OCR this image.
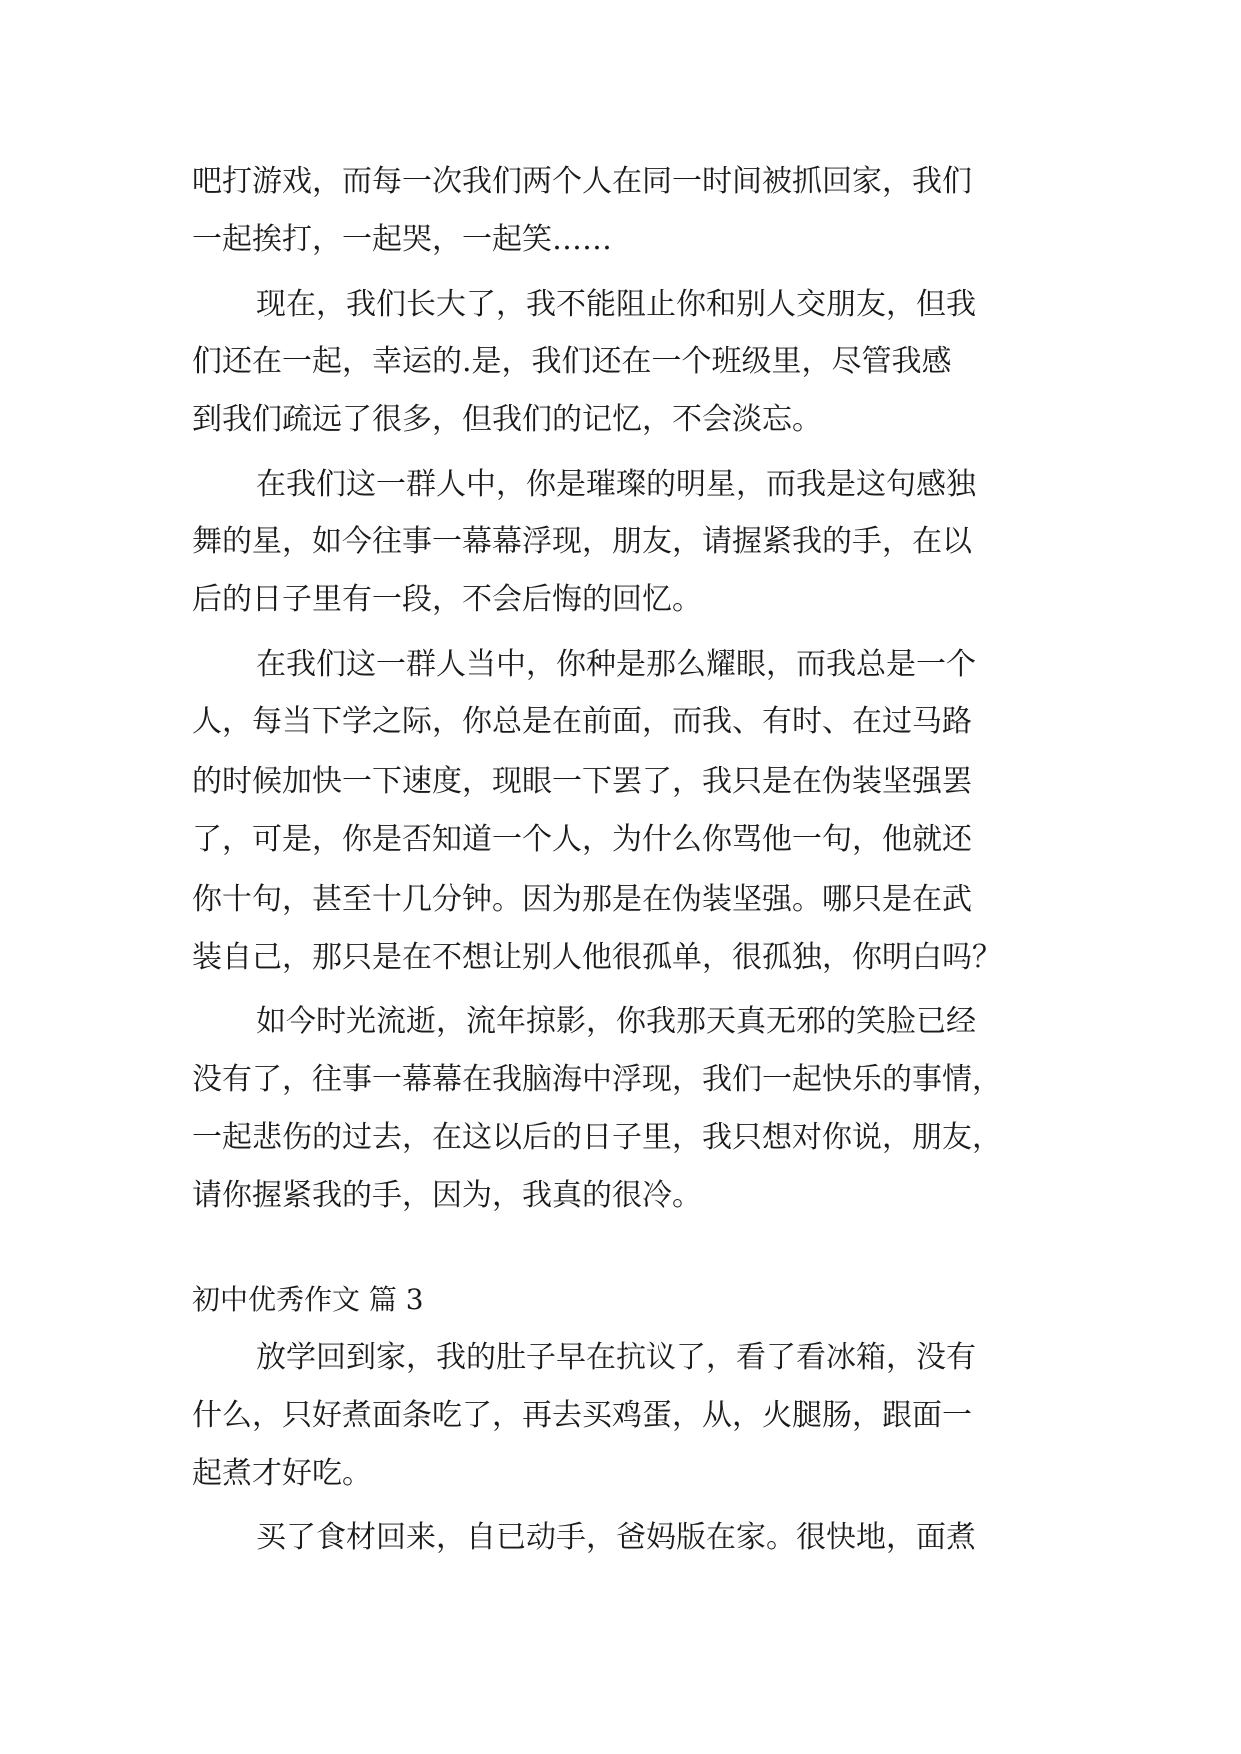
吧打游戏，而每一次我们两个人在同一时间被抓回家，我们
一起挨打，一起哭，一起笑……
现在，我们长大了，我不能阻止你和别人交朋友，但我
们还在一起，幸运的.是，我们还在一个班级里，尽管我感
到我们疏远了很多，但我们的记忆，不会淡忘。
在我们这一群人中，你是璀璨的明星，而我是这句感独
舞的星，如今往事一幕幕浮现，朋友，请握紧我的手，在以
后的日子里有一段，不会后悔的回忆。
在我们这一群人当中，你种是那么耀眼，而我总是一个
人，每当下学之际，你总是在前面，而我、有时、在过马路
的时候加快一下速度，现眼一下罢了，我只是在伪装坚强罢
了，可是，你是否知道一个人，为什么你骂他一句，他就还
你十句，甚至十几分钟。因为那是在伪装坚强。哪只是在武
装自己，那只是在不想让别人他很孤单，很孤独，你明白吗？
如今时光流逝，流年掠影，你我那天真无邪的笑脸已经
没有了，往事一幕幕在我脑海中浮现，我们一起快乐的事情，
一起悲伤的过去，在这以后的日子里，我只想对你说，朋友，
请你握紧我的手，因为，我真的很冷。
初中优秀作文 篇 3
放学回到家，我的肚子早在抗议了，看了看冰箱，没有
什么，只好煮面条吃了，再去买鸡蛋，从，火腿肠，跟面一
起煮才好吃。
买了食材回来，自已动手，爸妈版在家。很快地，面煮
